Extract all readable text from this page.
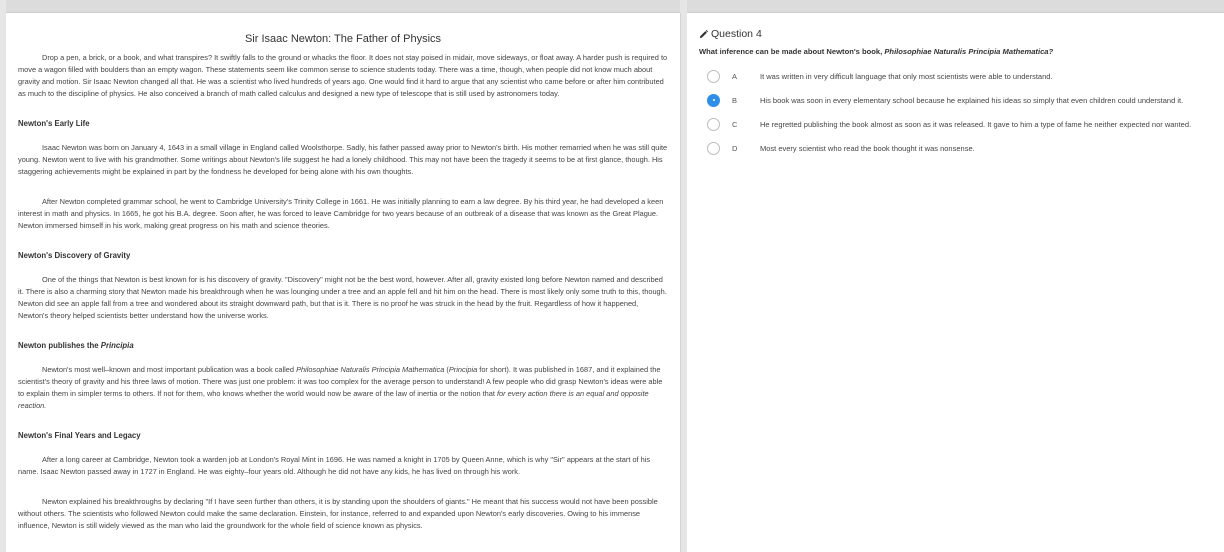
Sir Isaac Newton: The Father of Physics

Drop a pen, a brick, or a book, and what transpires? It swiftly falls to the ground or whacks the floor. It does not stay poised in midair, move sideways, or float away. A harder push is required to move a wagon filled with boulders than an empty wagon. These statements seem like common sense to science students today. There was a time, though, when people did not know much about gravity and motion. Sir Isaac Newton changed all that. He was a scientist who lived hundreds of years ago. One would find it hard to argue that any scientist who came before or after him contributed as much to the discipline of physics. He also conceived a branch of math called calculus and designed a new type of telescope that is still used by astronomers today.

Newton's Early Life

Isaac Newton was born on January 4, 1643 in a small village in England called Woolsthorpe. Sadly, his father passed away prior to Newton's birth. His mother remarried when he was still quite young. Newton went to live with his grandmother. Some writings about Newton's life suggest he had a lonely childhood. This may not have been the tragedy it seems to be at first glance, though. His staggering achievements might be explained in part by the fondness he developed for being alone with his own thoughts.

After Newton completed grammar school, he went to Cambridge University's Trinity College in 1661. He was initially planning to earn a law degree. By his third year, he had developed a keen interest in math and physics. In 1665, he got his B.A. degree. Soon after, he was forced to leave Cambridge for two years because of an outbreak of a disease that was known as the Great Plague. Newton immersed himself in his work, making great progress on his math and science theories.

Newton's Discovery of Gravity

One of the things that Newton is best known for is his discovery of gravity. "Discovery" might not be the best word, however. After all, gravity existed long before Newton named and described it. There is also a charming story that Newton made his breakthrough when he was lounging under a tree and an apple fell and hit him on the head. There is most likely only some truth to this, though. Newton did see an apple fall from a tree and wondered about its straight downward path, but that is it. There is no proof he was struck in the head by the fruit. Regardless of how it happened, Newton's theory helped scientists better understand how the universe works.

Newton publishes the Principia

Newton's most well–known and most important publication was a book called Philosophiae Naturalis Principia Mathematica (Principia for short). It was published in 1687, and it explained the scientist's theory of gravity and his three laws of motion. There was just one problem: it was too complex for the average person to understand! A few people who did grasp Newton's ideas were able to explain them in simpler terms to others. If not for them, who knows whether the world would now be aware of the law of inertia or the notion that for every action there is an equal and opposite reaction.

Newton's Final Years and Legacy

After a long career at Cambridge, Newton took a warden job at London's Royal Mint in 1696. He was named a knight in 1705 by Queen Anne, which is why "Sir" appears at the start of his name. Isaac Newton passed away in 1727 in England. He was eighty–four years old. Although he did not have any kids, he has lived on through his work.

Newton explained his breakthroughs by declaring "If I have seen further than others, it is by standing upon the shoulders of giants." He meant that his success would not have been possible without others. The scientists who followed Newton could make the same declaration. Einstein, for instance, referred to and expanded upon Newton's early discoveries. Owing to his immense influence, Newton is still widely viewed as the man who laid the groundwork for the whole field of science known as physics.

Question 4
What inference can be made about Newton's book, Philosophiae Naturalis Principia Mathematica?
A	It was written in very difficult language that only most scientists were able to understand.
B	His book was soon in every elementary school because he explained his ideas so simply that even children could understand it.
C	He regretted publishing the book almost as soon as it was released. It gave to him a type of fame he neither expected nor wanted.
D	Most every scientist who read the book thought it was nonsense.
